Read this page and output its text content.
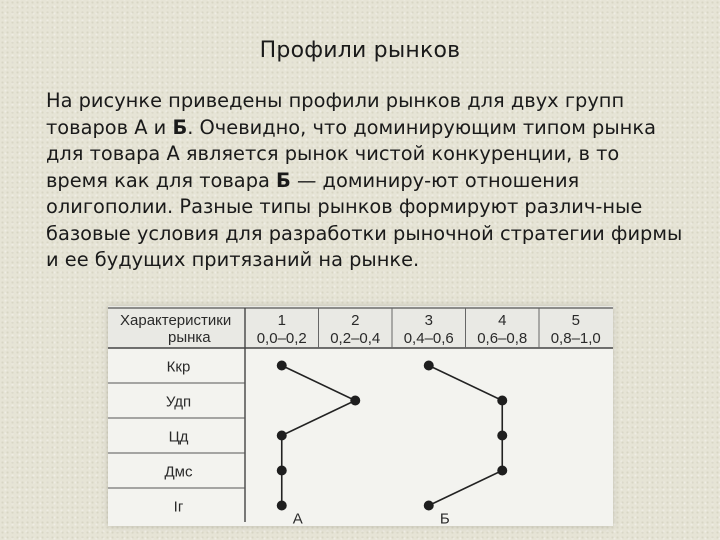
Профили рынков
На рисунке приведены профили рынков для двух групп товаров А и Б. Очевидно, что доминирующим типом рынка для товара А является рынок чистой конкуренции, в то время как для товара Б — доминиру-ют отношения олигополии. Разные типы рынков формируют различ-ные базовые условия для разработки рыночной стратегии фирмы и ее будущих притязаний на рынке.
Характеристики
рынка
1
0,0–0,2
2
0,2–0,4
3
0,4–0,6
4
0,6–0,8
5
0,8–1,0
Ккр
Удп
Цд
Дмс
Iг
А	Б
